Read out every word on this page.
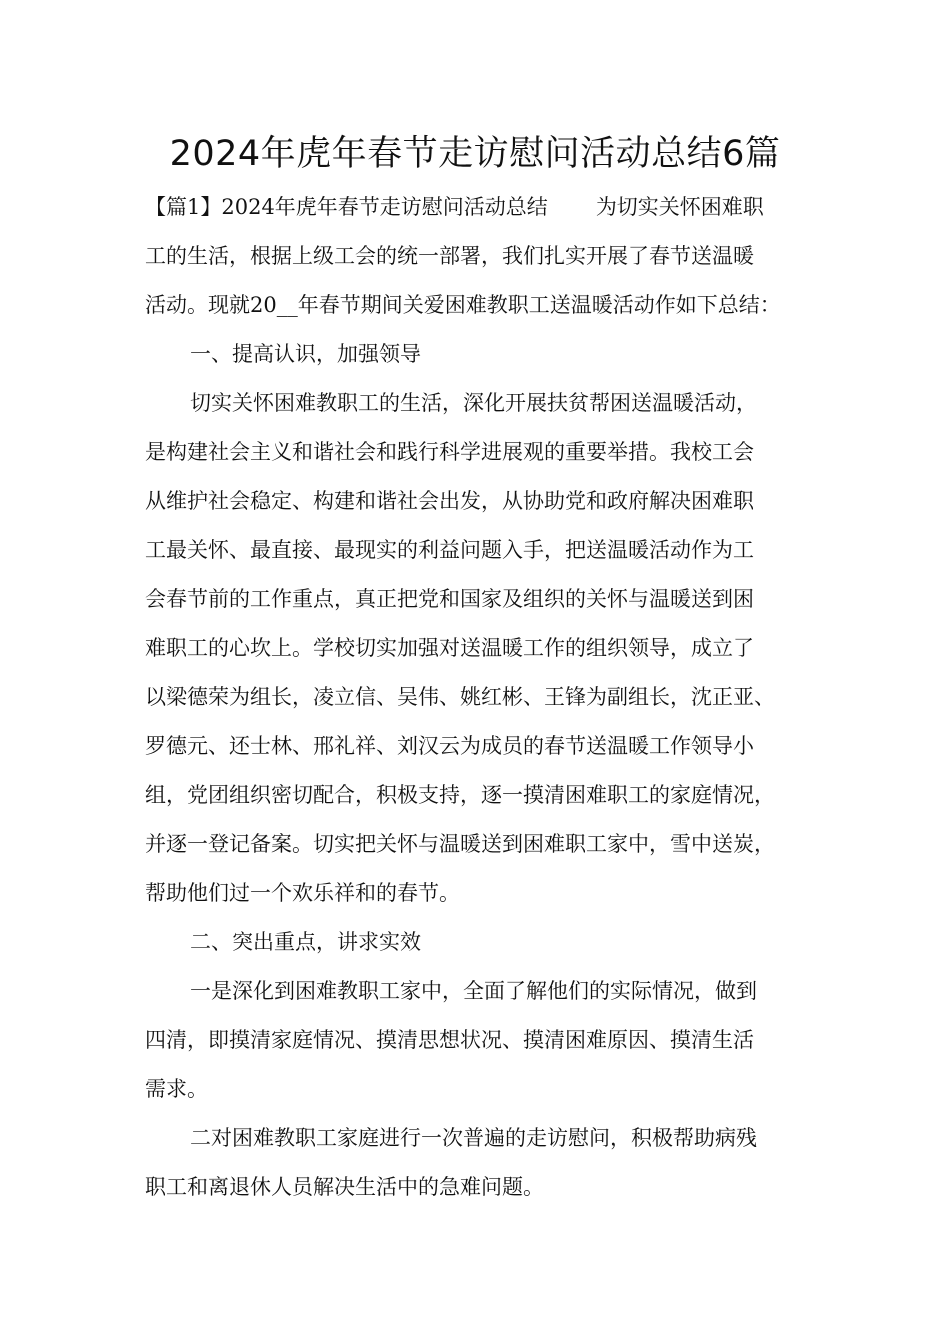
2024年虎年春节走访慰问活动总结6篇
【篇1】2024年虎年春节走访慰问活动总结 为切实关怀困难职
工的生活，根据上级工会的统一部署，我们扎实开展了春节送温暖
活动。现就20__年春节期间关爱困难教职工送温暖活动作如下总结：
一、提高认识，加强领导
切实关怀困难教职工的生活，深化开展扶贫帮困送温暖活动，
是构建社会主义和谐社会和践行科学进展观的重要举措。我校工会
从维护社会稳定、构建和谐社会出发，从协助党和政府解决困难职
工最关怀、最直接、最现实的利益问题入手，把送温暖活动作为工
会春节前的工作重点，真正把党和国家及组织的关怀与温暖送到困
难职工的心坎上。学校切实加强对送温暖工作的组织领导，成立了
以梁德荣为组长，凌立信、吴伟、姚红彬、王锋为副组长，沈正亚、
罗德元、还士林、邢礼祥、刘汉云为成员的春节送温暖工作领导小
组，党团组织密切配合，积极支持，逐一摸清困难职工的家庭情况，
并逐一登记备案。切实把关怀与温暖送到困难职工家中，雪中送炭，
帮助他们过一个欢乐祥和的春节。
二、突出重点，讲求实效
一是深化到困难教职工家中，全面了解他们的实际情况，做到
四清，即摸清家庭情况、摸清思想状况、摸清困难原因、摸清生活
需求。
二对困难教职工家庭进行一次普遍的走访慰问，积极帮助病残
职工和离退休人员解决生活中的急难问题。
